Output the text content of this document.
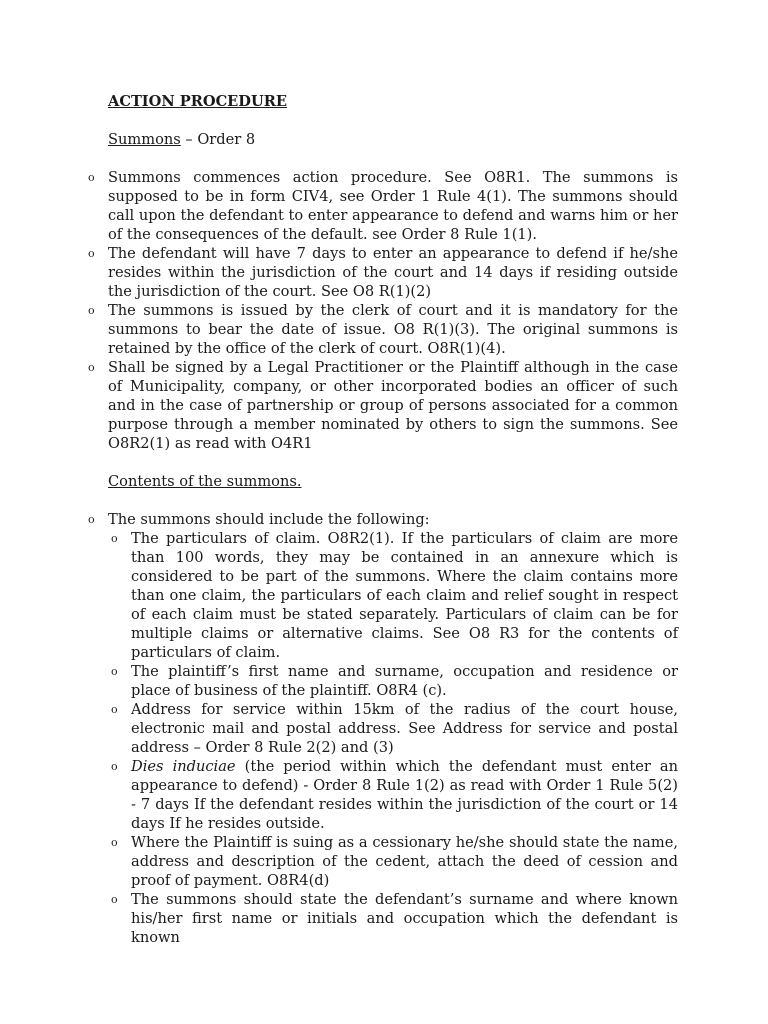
ACTION PROCEDURE
Summons – Order 8
o Summons commences action procedure. See O8R1. The summons is supposed to be in form CIV4, see Order 1 Rule 4(1). The summons should call upon the defendant to enter appearance to defend and warns him or her of the consequences of the default. see Order 8 Rule 1(1).
o The defendant will have 7 days to enter an appearance to defend if he/she resides within the jurisdiction of the court and 14 days if residing outside the jurisdiction of the court. See O8 R(1)(2)
o The summons is issued by the clerk of court and it is mandatory for the summons to bear the date of issue. O8 R(1)(3). The original summons is retained by the office of the clerk of court. O8R(1)(4).
o Shall be signed by a Legal Practitioner or the Plaintiff although in the case of Municipality, company, or other incorporated bodies an officer of such and in the case of partnership or group of persons associated for a common purpose through a member nominated by others to sign the summons. See O8R2(1) as read with O4R1
Contents of the summons.
o The summons should include the following:
o The particulars of claim. O8R2(1). If the particulars of claim are more than 100 words, they may be contained in an annexure which is considered to be part of the summons. Where the claim contains more than one claim, the particulars of each claim and relief sought in respect of each claim must be stated separately. Particulars of claim can be for multiple claims or alternative claims. See O8 R3 for the contents of particulars of claim.
o The plaintiff’s first name and surname, occupation and residence or place of business of the plaintiff. O8R4 (c).
o Address for service within 15km of the radius of the court house, electronic mail and postal address. See Address for service and postal address – Order 8 Rule 2(2) and (3)
o Dies induciae (the period within which the defendant must enter an appearance to defend) - Order 8 Rule 1(2) as read with Order 1 Rule 5(2) - 7 days If the defendant resides within the jurisdiction of the court or 14 days If he resides outside.
o Where the Plaintiff is suing as a cessionary he/she should state the name, address and description of the cedent, attach the deed of cession and proof of payment. O8R4(d)
o The summons should state the defendant’s surname and where known his/her first name or initials and occupation which the defendant is known
